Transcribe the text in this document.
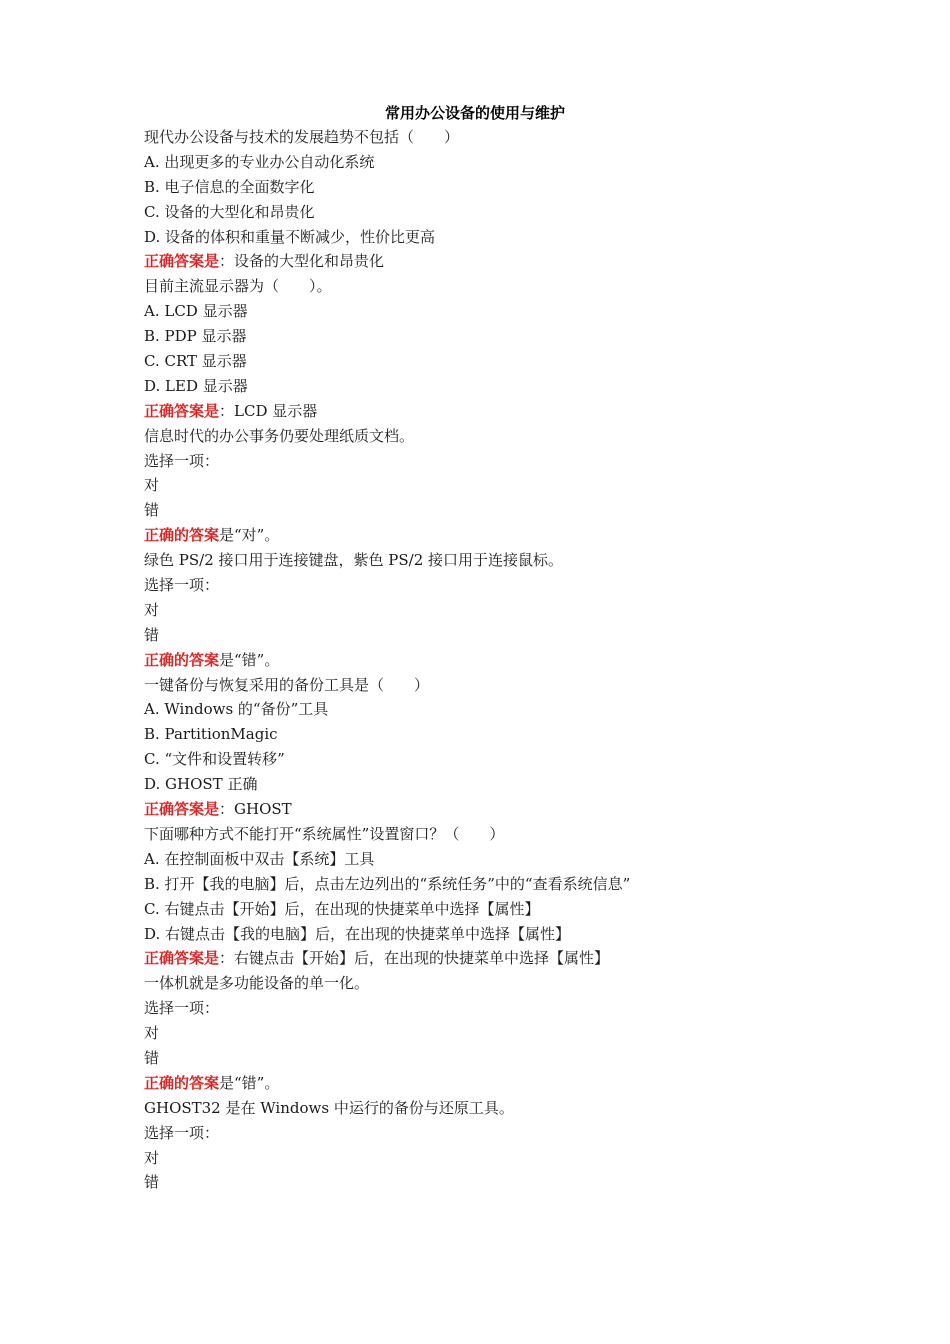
常用办公设备的使用与维护
现代办公设备与技术的发展趋势不包括（　　）
A. 出现更多的专业办公自动化系统
B. 电子信息的全面数字化
C. 设备的大型化和昂贵化
D. 设备的体积和重量不断减少，性价比更高
正确答案是：设备的大型化和昂贵化
目前主流显示器为（　　）。
A. LCD 显示器
B. PDP 显示器
C. CRT 显示器
D. LED 显示器
正确答案是：LCD 显示器
信息时代的办公事务仍要处理纸质文档。
选择一项：
对
错
正确的答案是“对”。
绿色 PS/2 接口用于连接键盘，紫色 PS/2 接口用于连接鼠标。
选择一项：
对
错
正确的答案是“错”。
一键备份与恢复采用的备份工具是（　　）
A. Windows 的“备份”工具
B. PartitionMagic
C. “文件和设置转移”
D. GHOST 正确
正确答案是：GHOST
下面哪种方式不能打开“系统属性”设置窗口？（　　）
A. 在控制面板中双击【系统】工具
B. 打开【我的电脑】后，点击左边列出的“系统任务”中的“查看系统信息”
C. 右键点击【开始】后，在出现的快捷菜单中选择【属性】
D. 右键点击【我的电脑】后，在出现的快捷菜单中选择【属性】
正确答案是：右键点击【开始】后，在出现的快捷菜单中选择【属性】
一体机就是多功能设备的单一化。
选择一项：
对
错
正确的答案是“错”。
GHOST32 是在 Windows 中运行的备份与还原工具。
选择一项：
对
错
